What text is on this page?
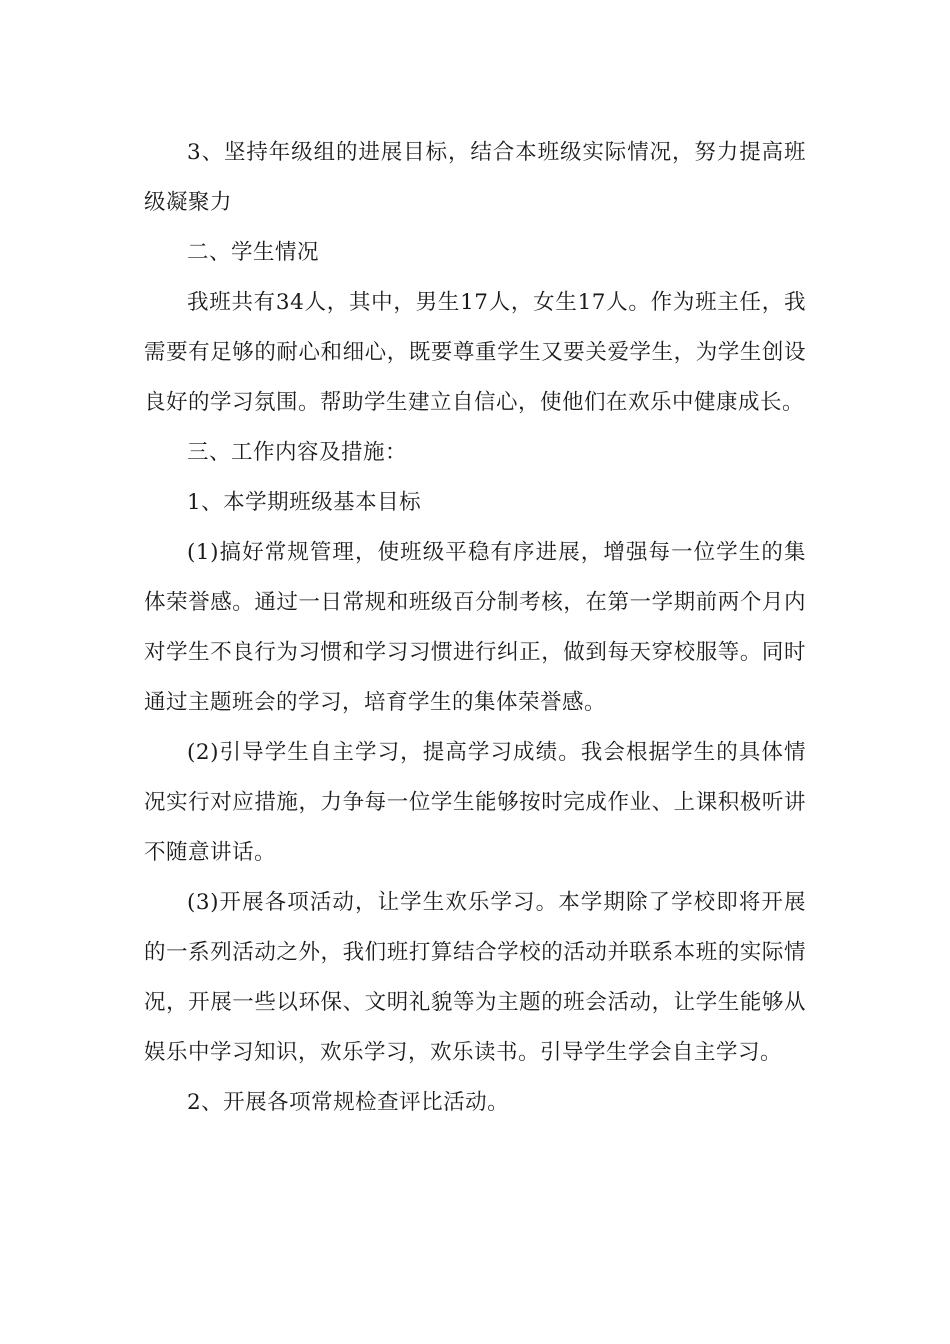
3、坚持年级组的进展目标，结合本班级实际情况，努力提高班级凝聚力

二、学生情况

我班共有34人，其中，男生17人，女生17人。作为班主任，我需要有足够的耐心和细心，既要尊重学生又要关爱学生，为学生创设良好的学习氛围。帮助学生建立自信心，使他们在欢乐中健康成长。

三、工作内容及措施：

1、本学期班级基本目标

(1)搞好常规管理，使班级平稳有序进展，增强每一位学生的集体荣誉感。通过一日常规和班级百分制考核，在第一学期前两个月内对学生不良行为习惯和学习习惯进行纠正，做到每天穿校服等。同时通过主题班会的学习，培育学生的集体荣誉感。

(2)引导学生自主学习，提高学习成绩。我会根据学生的具体情况实行对应措施，力争每一位学生能够按时完成作业、上课积极听讲不随意讲话。

(3)开展各项活动，让学生欢乐学习。本学期除了学校即将开展的一系列活动之外，我们班打算结合学校的活动并联系本班的实际情况，开展一些以环保、文明礼貌等为主题的班会活动，让学生能够从娱乐中学习知识，欢乐学习，欢乐读书。引导学生学会自主学习。

2、开展各项常规检查评比活动。
